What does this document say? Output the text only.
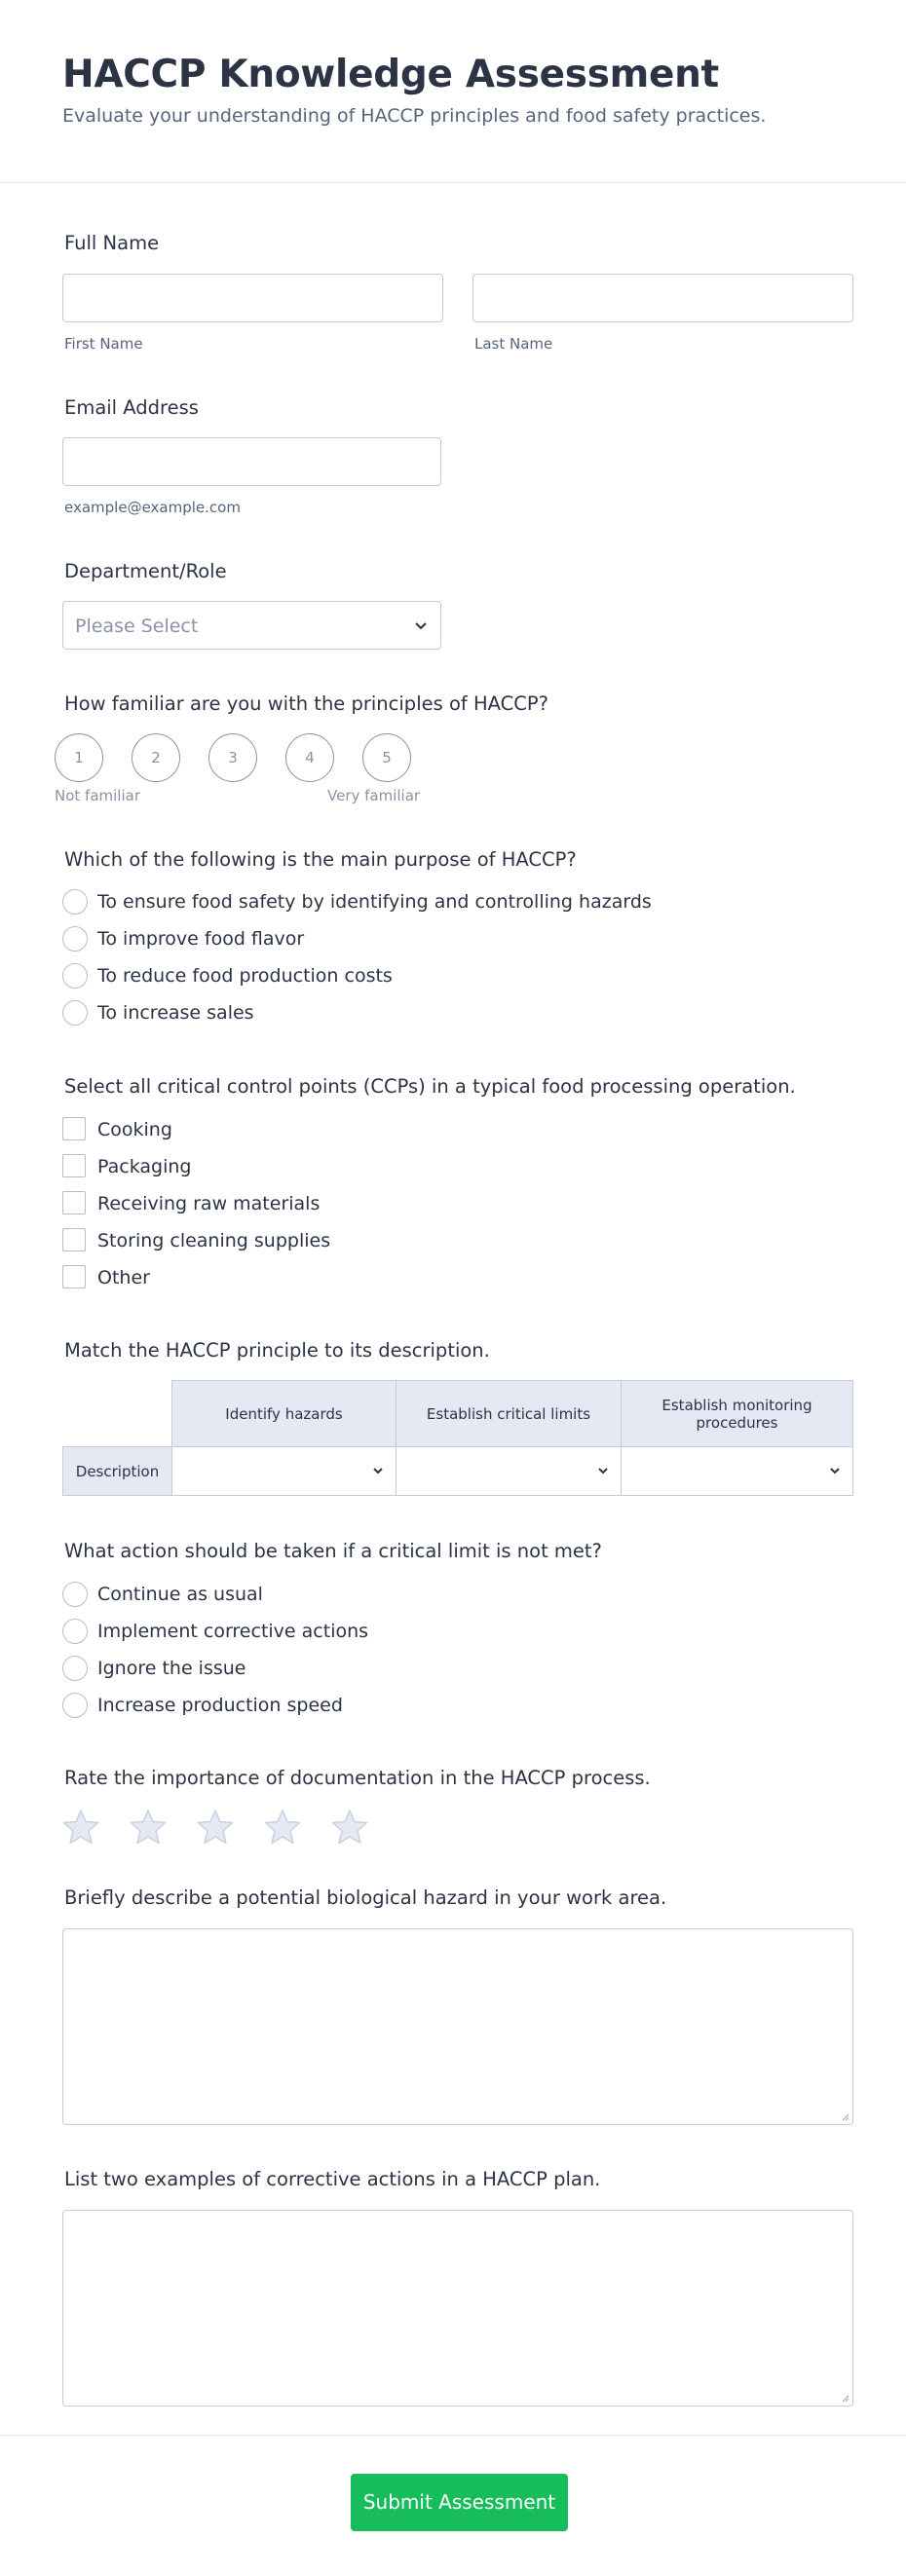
HACCP Knowledge Assessment

Evaluate your understanding of HACCP principles and food safety practices.

Full Name
First Name	Last Name
Email Address
example@example.com
Department/Role
Please Select
How familiar are you with the principles of HACCP?
1	2	3	4	5
Not familiar	Very familiar
Which of the following is the main purpose of HACCP?
To ensure food safety by identifying and controlling hazards
To improve food flavor
To reduce food production costs
To increase sales
Select all critical control points (CCPs) in a typical food processing operation.
Cooking
Packaging
Receiving raw materials
Storing cleaning supplies
Other
Match the HACCP principle to its description.
Identify hazards	Establish critical limits	Establish monitoring procedures
Description
What action should be taken if a critical limit is not met?
Continue as usual
Implement corrective actions
Ignore the issue
Increase production speed
Rate the importance of documentation in the HACCP process.
Briefly describe a potential biological hazard in your work area.
List two examples of corrective actions in a HACCP plan.
Submit Assessment
